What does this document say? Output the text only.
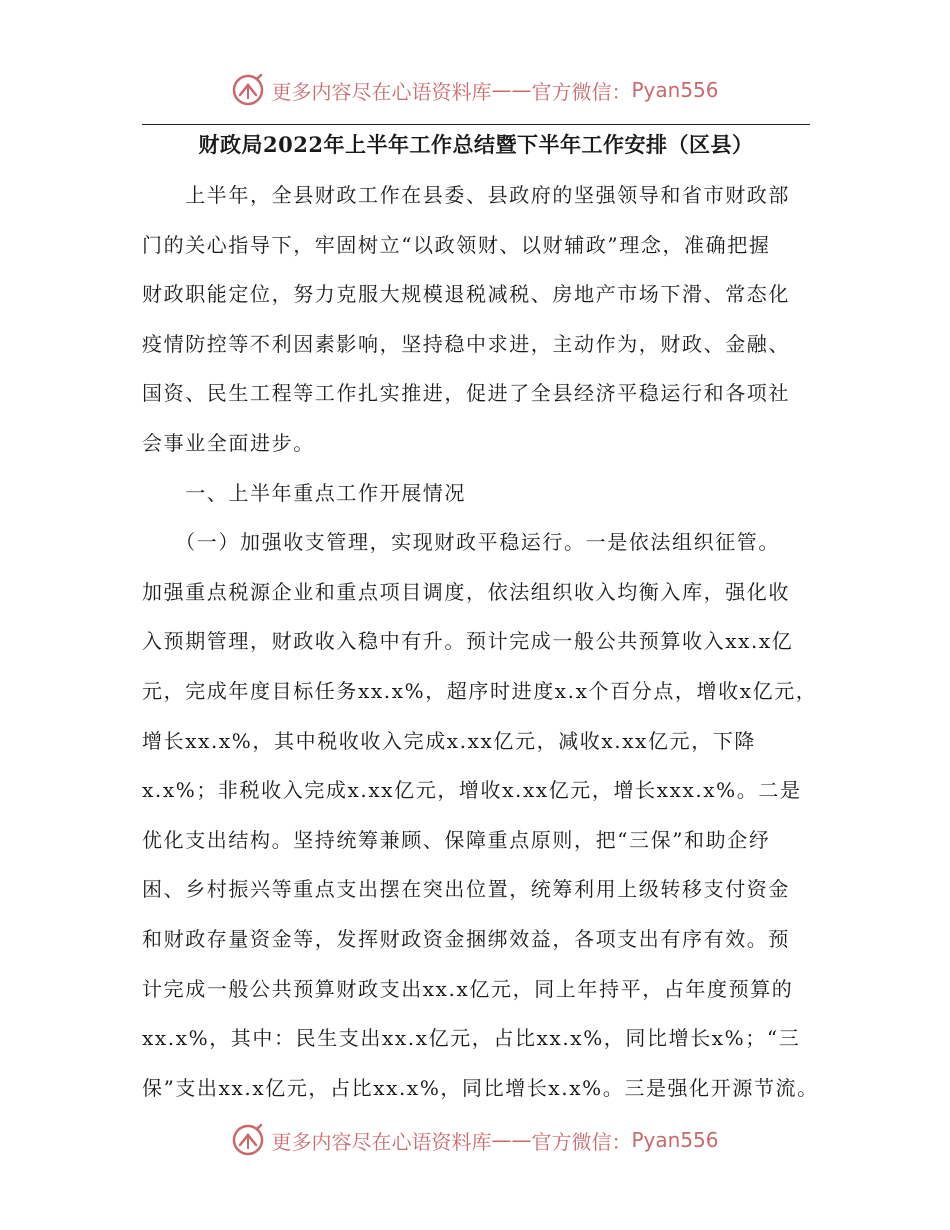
更多内容尽在心语资料库 —— 官方微信： Pyan556
财政局2022年上半年工作总结暨下半年工作安排（区县）
　　上半年，全县财政工作在县委、县政府的坚强领导和省市财政部
门的关心指导下，牢固树立“以政领财、以财辅政”理念，准确把握
财政职能定位，努力克服大规模退税减税、房地产市场下滑、常态化
疫情防控等不利因素影响，坚持稳中求进，主动作为，财政、金融、
国资、民生工程等工作扎实推进，促进了全县经济平稳运行和各项社
会事业全面进步。
　　一、上半年重点工作开展情况
　　（一）加强收支管理，实现财政平稳运行。一是依法组织征管。
加强重点税源企业和重点项目调度，依法组织收入均衡入库，强化收
入预期管理，财政收入稳中有升。预计完成一般公共预算收入xx.x亿
元，完成年度目标任务xx.x%，超序时进度x.x个百分点，增收x亿元，
增长xx.x%，其中税收收入完成x.xx亿元，减收x.xx亿元，下降
x.x%；非税收入完成x.xx亿元，增收x.xx亿元，增长xxx.x%。二是
优化支出结构。坚持统筹兼顾、保障重点原则，把“三保”和助企纾
困、乡村振兴等重点支出摆在突出位置，统筹利用上级转移支付资金
和财政存量资金等，发挥财政资金捆绑效益，各项支出有序有效。预
计完成一般公共预算财政支出xx.x亿元，同上年持平，占年度预算的
xx.x%，其中：民生支出xx.x亿元，占比xx.x%，同比增长x%；“三
保”支出xx.x亿元，占比xx.x%，同比增长x.x%。三是强化开源节流。
更多内容尽在心语资料库 —— 官方微信： Pyan556
